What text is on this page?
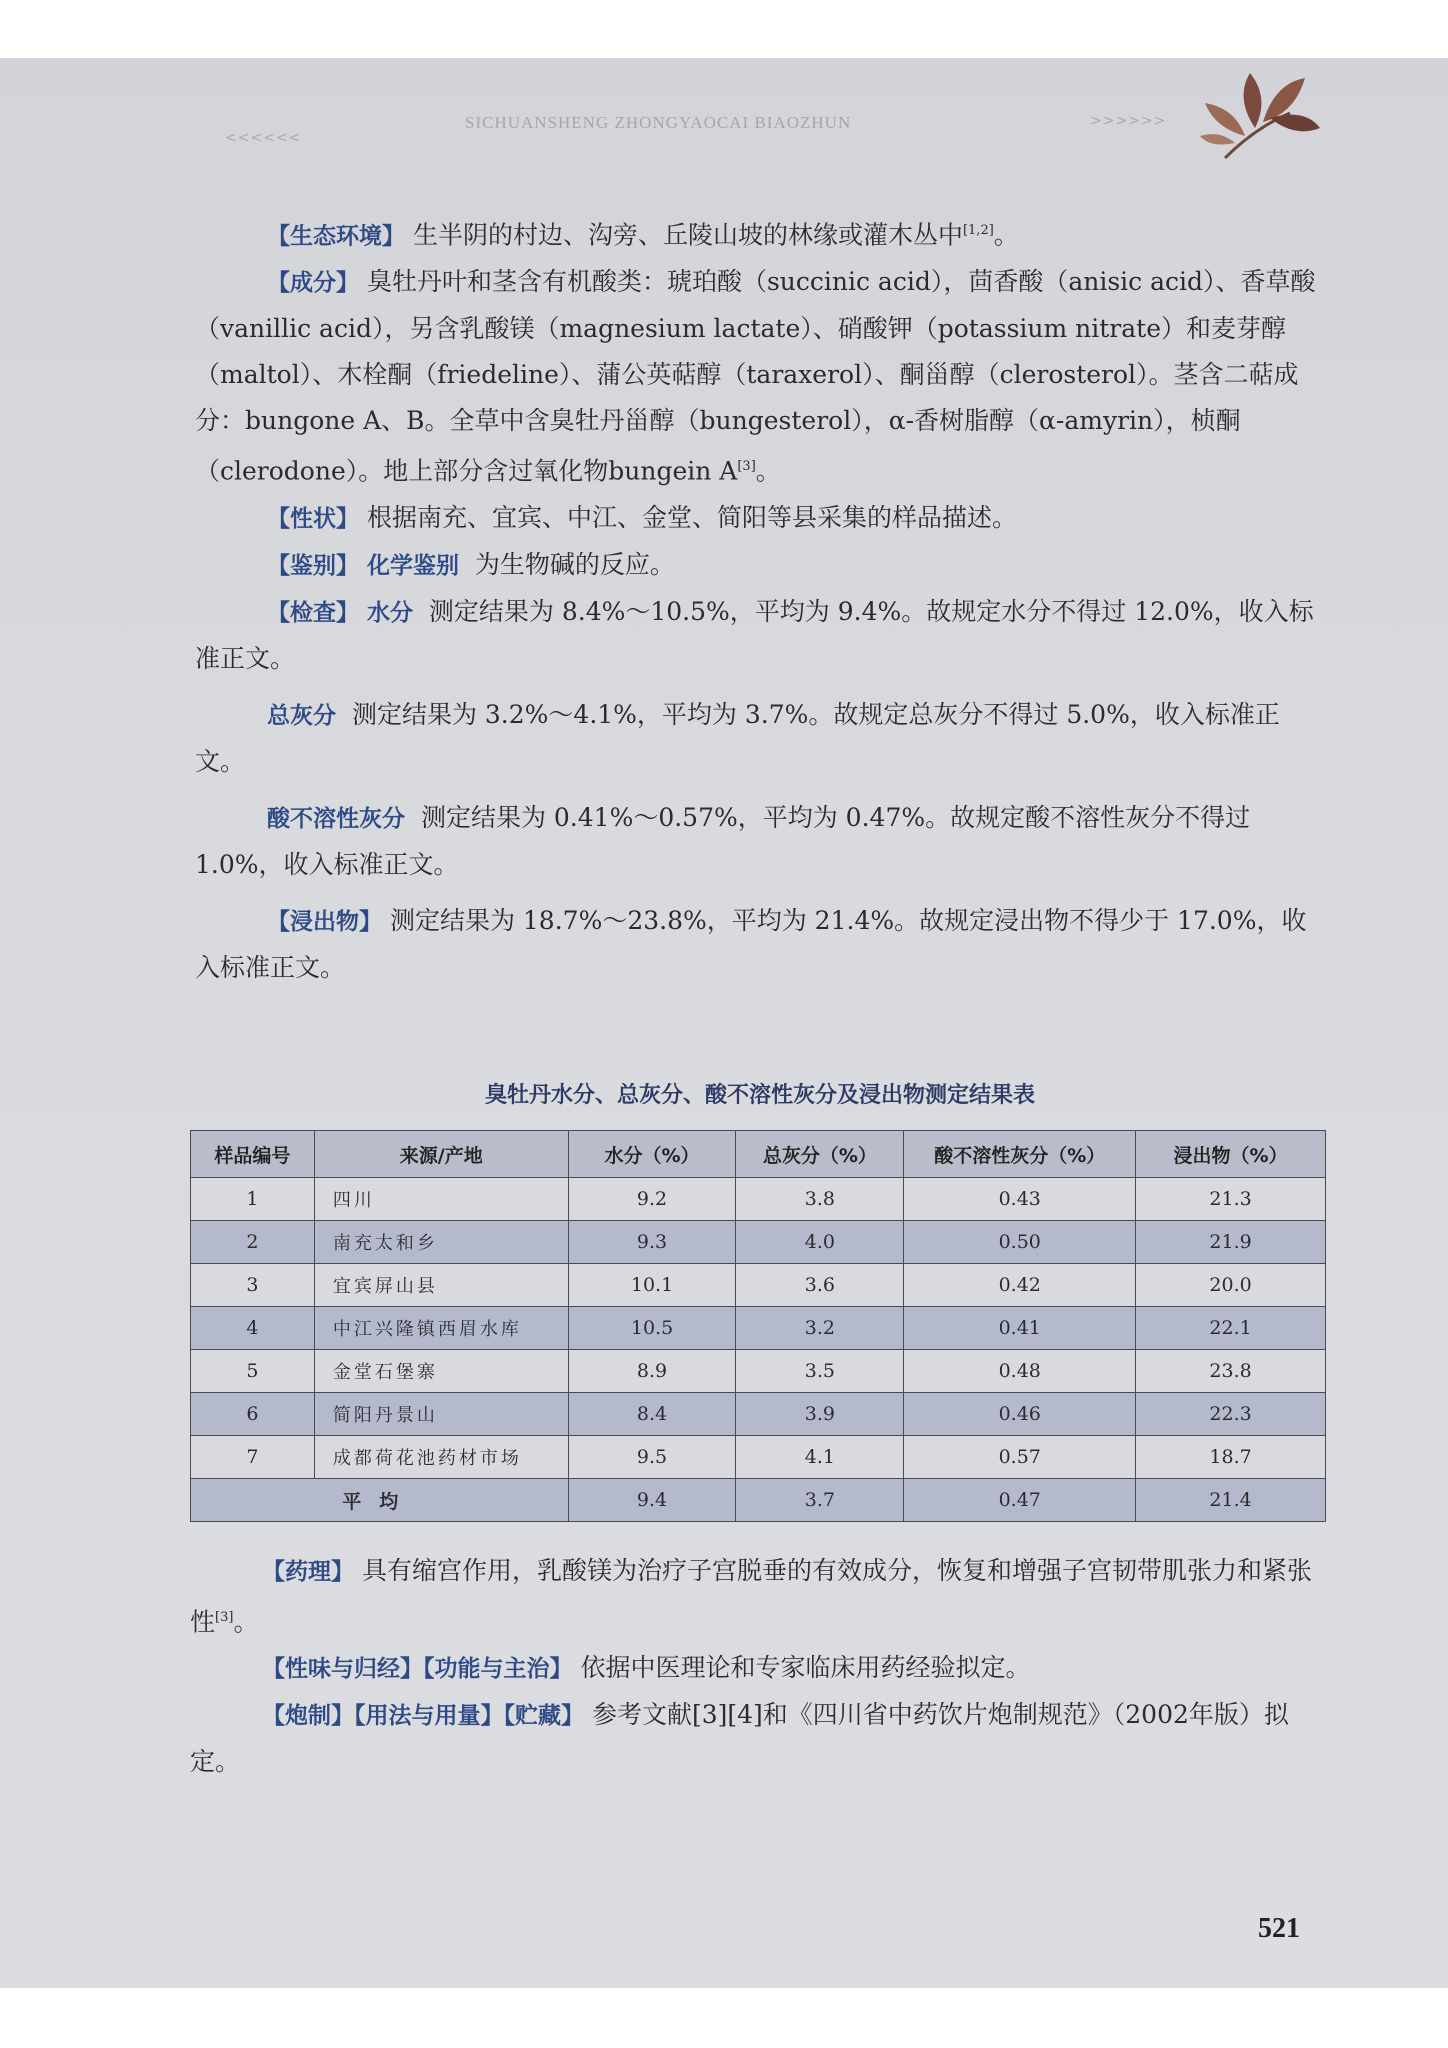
<<<<<<
SICHUANSHENG ZHONGYAOCAI BIAOZHUN	>>>>>>

【生态环境】 生半阴的村边、沟旁、丘陵山坡的林缘或灌木丛中[1,2]。

【成分】 臭牡丹叶和茎含有机酸类：琥珀酸（succinic acid），茴香酸（anisic acid）、香草酸（vanillic acid），另含乳酸镁（magnesium lactate）、硝酸钾（potassium nitrate）和麦芽醇（maltol）、木栓酮（friedeline）、蒲公英萜醇（taraxerol）、酮甾醇（clerosterol）。茎含二萜成分：bungone A、B。全草中含臭牡丹甾醇（bungesterol），α-香树脂醇（α-amyrin），桢酮（clerodone）。地上部分含过氧化物bungein A[3]。

【性状】 根据南充、宜宾、中江、金堂、简阳等县采集的样品描述。

【鉴别】 化学鉴别 为生物碱的反应。

【检查】 水分 测定结果为 8.4%～10.5%，平均为 9.4%。故规定水分不得过 12.0%，收入标准正文。

总灰分 测定结果为 3.2%～4.1%，平均为 3.7%。故规定总灰分不得过 5.0%，收入标准正文。

酸不溶性灰分 测定结果为 0.41%～0.57%，平均为 0.47%。故规定酸不溶性灰分不得过 1.0%，收入标准正文。

【浸出物】 测定结果为 18.7%～23.8%，平均为 21.4%。故规定浸出物不得少于 17.0%，收入标准正文。

臭牡丹水分、总灰分、酸不溶性灰分及浸出物测定结果表
样品编号	来源/产地	水分（%）	总灰分（%）	酸不溶性灰分（%）	浸出物（%）
1	四川	9.2	3.8	0.43	21.3
2	南充太和乡	9.3	4.0	0.50	21.9
3	宜宾屏山县	10.1	3.6	0.42	20.0
4	中江兴隆镇西眉水库	10.5	3.2	0.41	22.1
5	金堂石堡寨	8.9	3.5	0.48	23.8
6	简阳丹景山	8.4	3.9	0.46	22.3
7	成都荷花池药材市场	9.5	4.1	0.57	18.7
平均		9.4	3.7	0.47	21.4

【药理】 具有缩宫作用，乳酸镁为治疗子宫脱垂的有效成分，恢复和增强子宫韧带肌张力和紧张性[3]。

【性味与归经】【功能与主治】 依据中医理论和专家临床用药经验拟定。

【炮制】【用法与用量】【贮藏】 参考文献[3][4]和《四川省中药饮片炮制规范》（2002年版）拟定。

521
